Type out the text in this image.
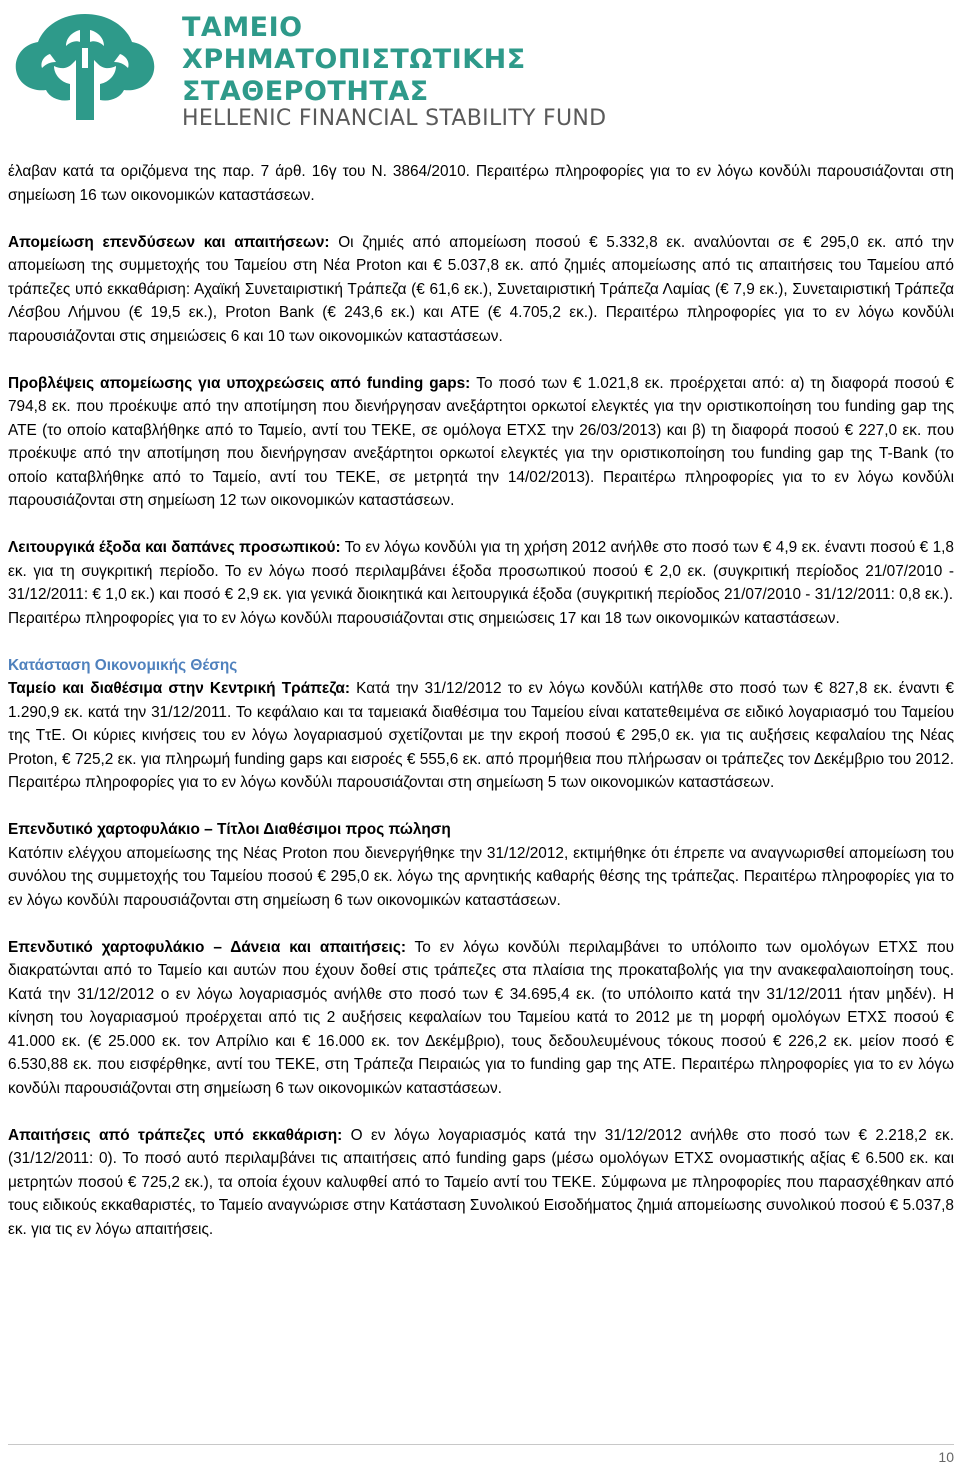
ΤΑΜΕΙΟ
ΧΡΗΜΑΤΟΠΙΣΤΩΤΙΚΗΣ
ΣΤΑΘΕΡΟΤΗΤΑΣ
HELLENIC FINANCIAL STABILITY FUND

έλαβαν κατά τα οριζόμενα της παρ. 7 άρθ. 16γ του Ν. 3864/2010. Περαιτέρω πληροφορίες για το εν λόγω κονδύλι παρουσιάζονται στη σημείωση 16 των οικονομικών καταστάσεων.

Απομείωση επενδύσεων και απαιτήσεων: Οι ζημιές από απομείωση ποσού € 5.332,8 εκ. αναλύονται σε € 295,0 εκ. από την απομείωση της συμμετοχής του Ταμείου στη Νέα Proton και € 5.037,8 εκ. από ζημιές απομείωσης από τις απαιτήσεις του Ταμείου από τράπεζες υπό εκκαθάριση: Αχαϊκή Συνεταιριστική Τράπεζα (€ 61,6 εκ.), Συνεταιριστική Τράπεζα Λαμίας (€ 7,9 εκ.), Συνεταιριστική Τράπεζα Λέσβου Λήμνου (€ 19,5 εκ.), Proton Bank (€ 243,6 εκ.) και ΑΤΕ (€ 4.705,2 εκ.). Περαιτέρω πληροφορίες για το εν λόγω κονδύλι παρουσιάζονται στις σημειώσεις 6 και 10 των οικονομικών καταστάσεων.

Προβλέψεις απομείωσης για υποχρεώσεις από funding gaps: Το ποσό των € 1.021,8 εκ. προέρχεται από: α) τη διαφορά ποσού € 794,8 εκ. που προέκυψε από την αποτίμηση που διενήργησαν ανεξάρτητοι ορκωτοί ελεγκτές για την οριστικοποίηση του funding gap της ΑΤΕ (το οποίο καταβλήθηκε από το Ταμείο, αντί του ΤΕΚΕ, σε ομόλογα ΕΤΧΣ την 26/03/2013) και β) τη διαφορά ποσού € 227,0 εκ. που προέκυψε από την αποτίμηση που διενήργησαν ανεξάρτητοι ορκωτοί ελεγκτές για την οριστικοποίηση του funding gap της T-Bank (το οποίο καταβλήθηκε από το Ταμείο, αντί του ΤΕΚΕ, σε μετρητά την 14/02/2013). Περαιτέρω πληροφορίες για το εν λόγω κονδύλι παρουσιάζονται στη σημείωση 12 των οικονομικών καταστάσεων.

Λειτουργικά έξοδα και δαπάνες προσωπικού: Το εν λόγω κονδύλι για τη χρήση 2012 ανήλθε στο ποσό των € 4,9 εκ. έναντι ποσού € 1,8 εκ. για τη συγκριτική περίοδο. Το εν λόγω ποσό περιλαμβάνει έξοδα προσωπικού ποσού € 2,0 εκ. (συγκριτική περίοδος 21/07/2010 - 31/12/2011: € 1,0 εκ.) και ποσό € 2,9 εκ. για γενικά διοικητικά και λειτουργικά έξοδα (συγκριτική περίοδος 21/07/2010 - 31/12/2011: 0,8 εκ.).

Περαιτέρω πληροφορίες για το εν λόγω κονδύλι παρουσιάζονται στις σημειώσεις 17 και 18 των οικονομικών καταστάσεων.

Κατάσταση Οικονομικής Θέσης

Ταμείο και διαθέσιμα στην Κεντρική Τράπεζα: Κατά την 31/12/2012 το εν λόγω κονδύλι κατήλθε στο ποσό των € 827,8 εκ. έναντι € 1.290,9 εκ. κατά την 31/12/2011. Το κεφάλαιο και τα ταμειακά διαθέσιμα του Ταμείου είναι κατατεθειμένα σε ειδικό λογαριασμό του Ταμείου της ΤτΕ. Οι κύριες κινήσεις του εν λόγω λογαριασμού σχετίζονται με την εκροή ποσού € 295,0 εκ. για τις αυξήσεις κεφαλαίου της Νέας Proton, € 725,2 εκ. για πληρωμή funding gaps και εισροές € 555,6 εκ. από προμήθεια που πλήρωσαν οι τράπεζες τον Δεκέμβριο του 2012. Περαιτέρω πληροφορίες για το εν λόγω κονδύλι παρουσιάζονται στη σημείωση 5 των οικονομικών καταστάσεων.

Επενδυτικό χαρτοφυλάκιο – Τίτλοι Διαθέσιμοι προς πώληση

Κατόπιν ελέγχου απομείωσης της Νέας Proton που διενεργήθηκε την 31/12/2012, εκτιμήθηκε ότι έπρεπε να αναγνωρισθεί απομείωση του συνόλου της συμμετοχής του Ταμείου ποσού € 295,0 εκ. λόγω της αρνητικής καθαρής θέσης της τράπεζας. Περαιτέρω πληροφορίες για το εν λόγω κονδύλι παρουσιάζονται στη σημείωση 6 των οικονομικών καταστάσεων.

Επενδυτικό χαρτοφυλάκιο – Δάνεια και απαιτήσεις: Το εν λόγω κονδύλι περιλαμβάνει το υπόλοιπο των ομολόγων ΕΤΧΣ που διακρατώνται από το Ταμείο και αυτών που έχουν δοθεί στις τράπεζες στα πλαίσια της προκαταβολής για την ανακεφαλαιοποίηση τους. Κατά την 31/12/2012 ο εν λόγω λογαριασμός ανήλθε στο ποσό των € 34.695,4 εκ. (το υπόλοιπο κατά την 31/12/2011 ήταν μηδέν). Η κίνηση του λογαριασμού προέρχεται από τις 2 αυξήσεις κεφαλαίων του Ταμείου κατά το 2012 με τη μορφή ομολόγων ΕΤΧΣ ποσού € 41.000 εκ. (€ 25.000 εκ. τον Απρίλιο και € 16.000 εκ. τον Δεκέμβριο), τους δεδουλευμένους τόκους ποσού € 226,2 εκ. μείον ποσό € 6.530,88 εκ. που εισφέρθηκε, αντί του ΤΕΚΕ, στη Τράπεζα Πειραιώς για το funding gap της ΑΤΕ. Περαιτέρω πληροφορίες για το εν λόγω κονδύλι παρουσιάζονται στη σημείωση 6 των οικονομικών καταστάσεων.

Απαιτήσεις από τράπεζες υπό εκκαθάριση: Ο εν λόγω λογαριασμός κατά την 31/12/2012 ανήλθε στο ποσό των € 2.218,2 εκ. (31/12/2011: 0). Το ποσό αυτό περιλαμβάνει τις απαιτήσεις από funding gaps (μέσω ομολόγων ΕΤΧΣ ονομαστικής αξίας € 6.500 εκ. και μετρητών ποσού € 725,2 εκ.), τα οποία έχουν καλυφθεί από το Ταμείο αντί του ΤΕΚΕ. Σύμφωνα με πληροφορίες που παρασχέθηκαν από τους ειδικούς εκκαθαριστές, το Ταμείο αναγνώρισε στην Κατάσταση Συνολικού Εισοδήματος ζημιά απομείωσης συνολικού ποσού € 5.037,8 εκ. για τις εν λόγω απαιτήσεις.

10
